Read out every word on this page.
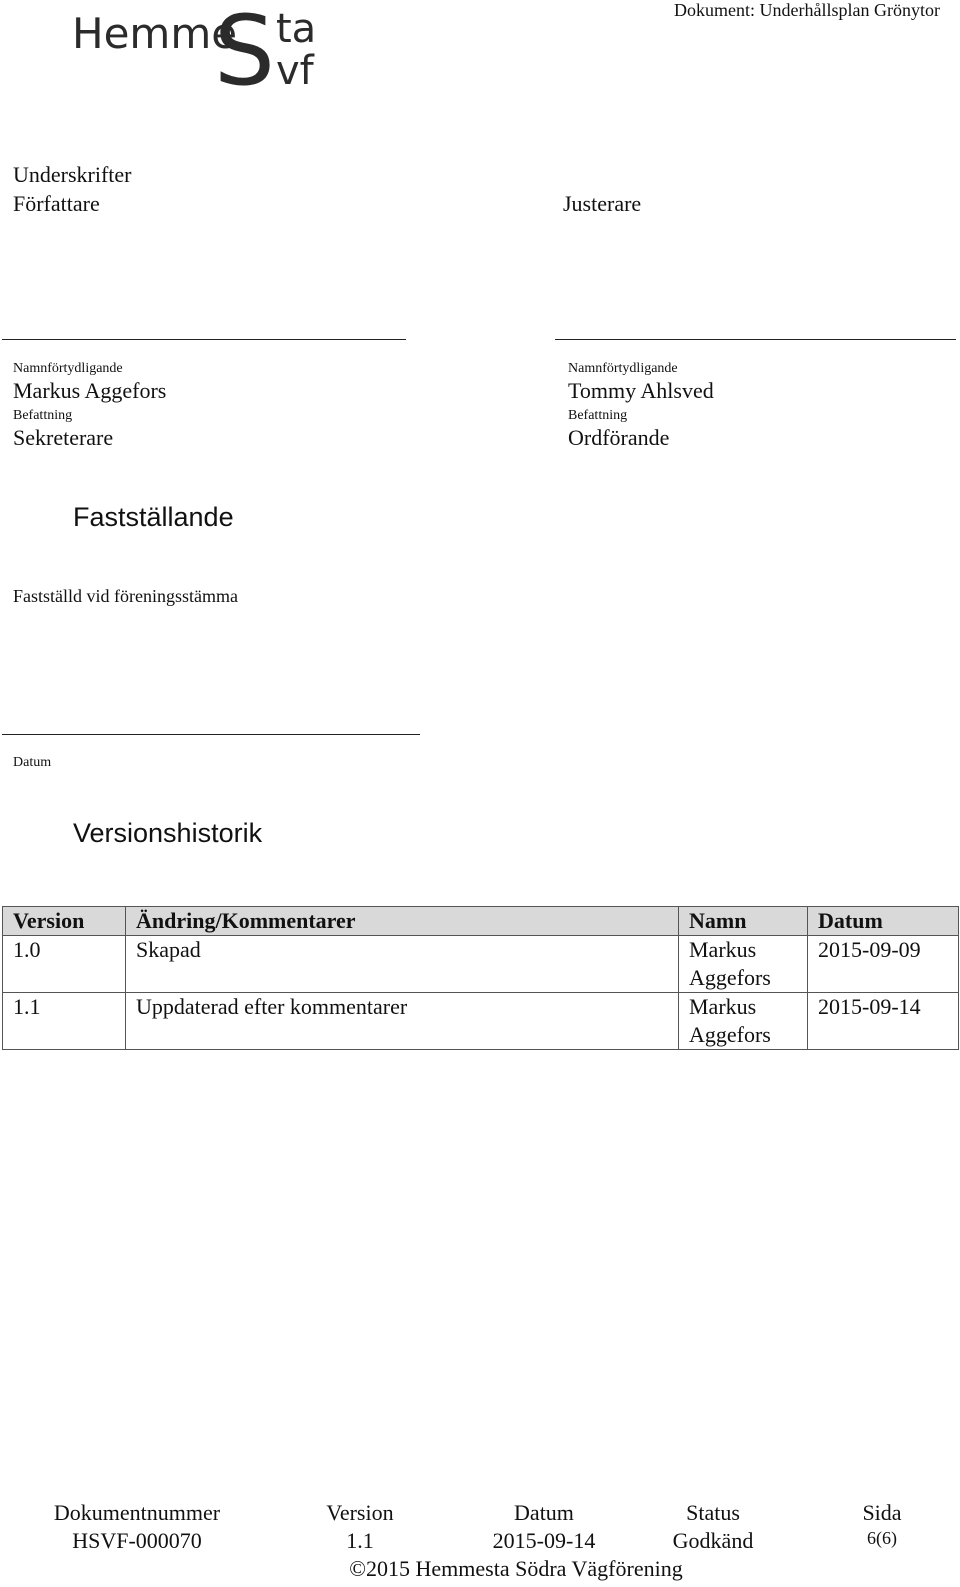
Hemme
S ta
vf
Dokument: Underhållsplan Grönytor
Underskrifter
Författare	Justerare
Namnförtydligande
Markus Aggefors
Befattning
Sekreterare
Namnförtydligande
Tommy Ahlsved
Befattning
Ordförande
Fastställande
Fastställd vid föreningsstämma
Datum
Versionshistorik
Version	Ändring/Kommentarer	Namn	Datum
1.0	Skapad	Markus Aggefors	2015-09-09
1.1	Uppdaterad efter kommentarer	Markus Aggefors	2015-09-14
Dokumentnummer
HSVF-000070
Version
1.1
Datum
2015-09-14
Status
Godkänd
Sida
6(6)
©2015 Hemmesta Södra Vägförening
